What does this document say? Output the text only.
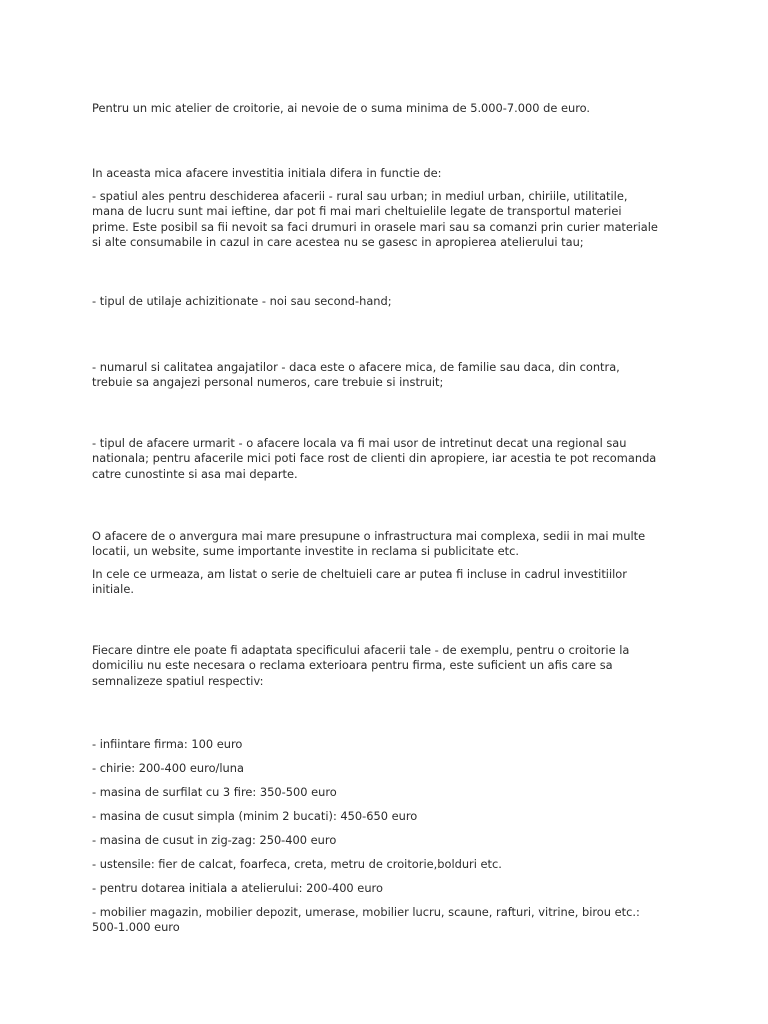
Pentru un mic atelier de croitorie, ai nevoie de o suma minima de 5.000-7.000 de euro.

In aceasta mica afacere investitia initiala difera in functie de:

- spatiul ales pentru deschiderea afacerii - rural sau urban; in mediul urban, chiriile, utilitatile,
mana de lucru sunt mai ieftine, dar pot fi mai mari cheltuielile legate de transportul materiei
prime. Este posibil sa fii nevoit sa faci drumuri in orasele mari sau sa comanzi prin curier materiale
si alte consumabile in cazul in care acestea nu se gasesc in apropierea atelierului tau;

- tipul de utilaje achizitionate - noi sau second-hand;

- numarul si calitatea angajatilor - daca este o afacere mica, de familie sau daca, din contra,
trebuie sa angajezi personal numeros, care trebuie si instruit;

- tipul de afacere urmarit - o afacere locala va fi mai usor de intretinut decat una regional sau
nationala; pentru afacerile mici poti face rost de clienti din apropiere, iar acestia te pot recomanda
catre cunostinte si asa mai departe.

O afacere de o anvergura mai mare presupune o infrastructura mai complexa, sedii in mai multe
locatii, un website, sume importante investite in reclama si publicitate etc.

In cele ce urmeaza, am listat o serie de cheltuieli care ar putea fi incluse in cadrul investitiilor
initiale.

Fiecare dintre ele poate fi adaptata specificului afacerii tale - de exemplu, pentru o croitorie la
domiciliu nu este necesara o reclama exterioara pentru firma, este suficient un afis care sa
semnalizeze spatiul respectiv:

- infiintare firma: 100 euro

- chirie: 200-400 euro/luna

- masina de surfilat cu 3 fire: 350-500 euro

- masina de cusut simpla (minim 2 bucati): 450-650 euro

- masina de cusut in zig-zag: 250-400 euro

- ustensile: fier de calcat, foarfeca, creta, metru de croitorie,bolduri etc.

- pentru dotarea initiala a atelierului: 200-400 euro

- mobilier magazin, mobilier depozit, umerase, mobilier lucru, scaune, rafturi, vitrine, birou etc.:
500-1.000 euro
